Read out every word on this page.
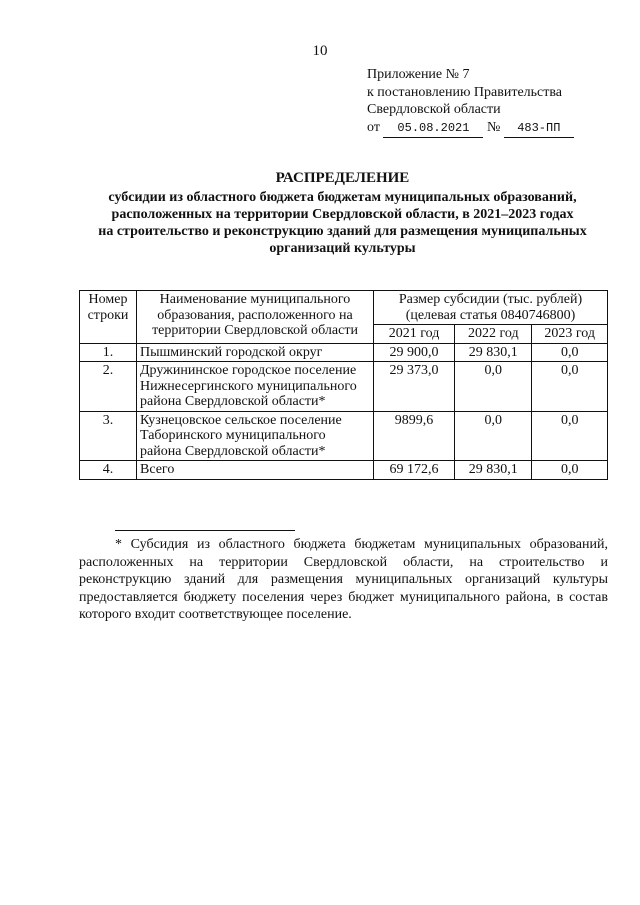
10
Приложение № 7
к постановлению Правительства
Свердловской области
от 05.08.2021 № 483-ПП
РАСПРЕДЕЛЕНИЕ
субсидии из областного бюджета бюджетам муниципальных образований,
расположенных на территории Свердловской области, в 2021–2023 годах
на строительство и реконструкцию зданий для размещения муниципальных
организаций культуры
Номер строки	Наименование муниципального образования, расположенного на территории Свердловской области	Размер субсидии (тыс. рублей) (целевая статья 0840746800)		
		2021 год	2022 год	2023 год
1.	Пышминский городской округ	29 900,0	29 830,1	0,0
2.	Дружининское городское поселение Нижнесергинского муниципального района Свердловской области*	29 373,0	0,0	0,0
3.	Кузнецовское сельское поселение Таборинского муниципального района Свердловской области*	9899,6	0,0	0,0
4.	Всего	69 172,6	29 830,1	0,0
* Субсидия из областного бюджета бюджетам муниципальных образований, расположенных на территории Свердловской области, на строительство и реконструкцию зданий для размещения муниципальных организаций культуры предоставляется бюджету поселения через бюджет муниципального района, в состав которого входит соответствующее поселение.
